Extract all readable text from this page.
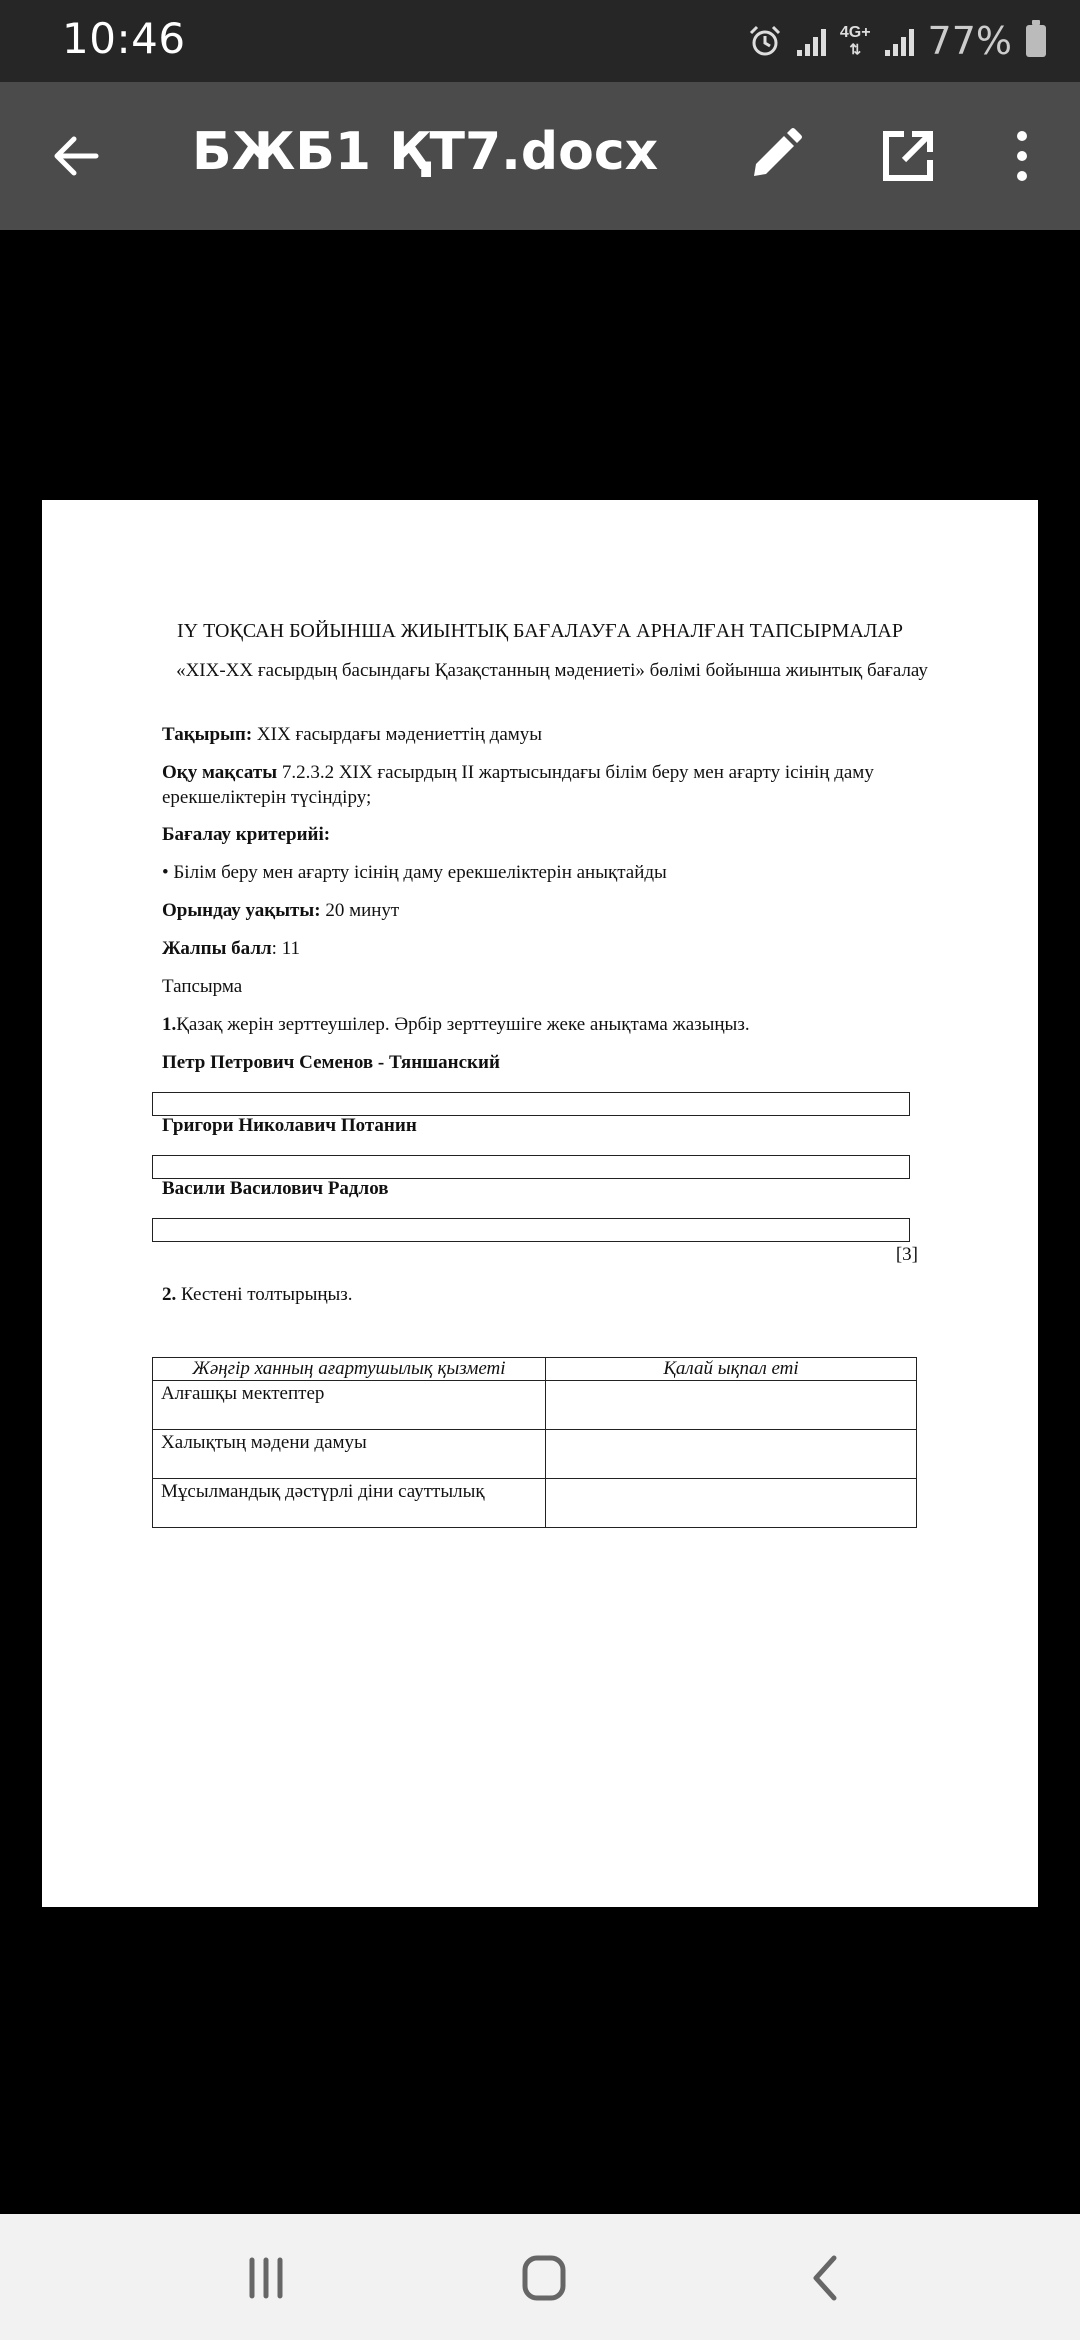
10:46	4G+
⇅ 77%
БЖБ1 ҚТ7.docx
ІҮ ТОҚСАН БОЙЫНША ЖИЫНТЫҚ БАҒАЛАУҒА АРНАЛҒАН ТАПСЫРМАЛАР
«ХІХ-ХХ ғасырдың басындағы Қазақстанның мәдениеті» бөлімі бойынша жиынтық бағалау
Тақырып: ХІХ ғасырдағы мәдениеттің дамуы
Оқу мақсаты 7.2.3.2 ХІХ ғасырдың ІІ жартысындағы білім беру мен ағарту ісінің даму ерекшеліктерін түсіндіру;
Бағалау критерийі:
• Білім беру мен ағарту ісінің даму ерекшеліктерін анықтайды
Орындау уақыты: 20 минут
Жалпы балл: 11
Тапсырма
1.Қазақ жерін зерттеушілер. Әрбір зерттеушіге жеке анықтама жазыңыз.
Петр Петрович Семенов - Тяншанский
Григори Николавич Потанин
Васили Василович Радлов
[3]
2. Кестені толтырыңыз.
Жәңгір ханның ағартушылық қызметі	Қалай ықпал еті
Алғашқы мектептер	
Халықтың мәдени дамуы	
Мұсылмандық дәстүрлі діни сауттылық	
